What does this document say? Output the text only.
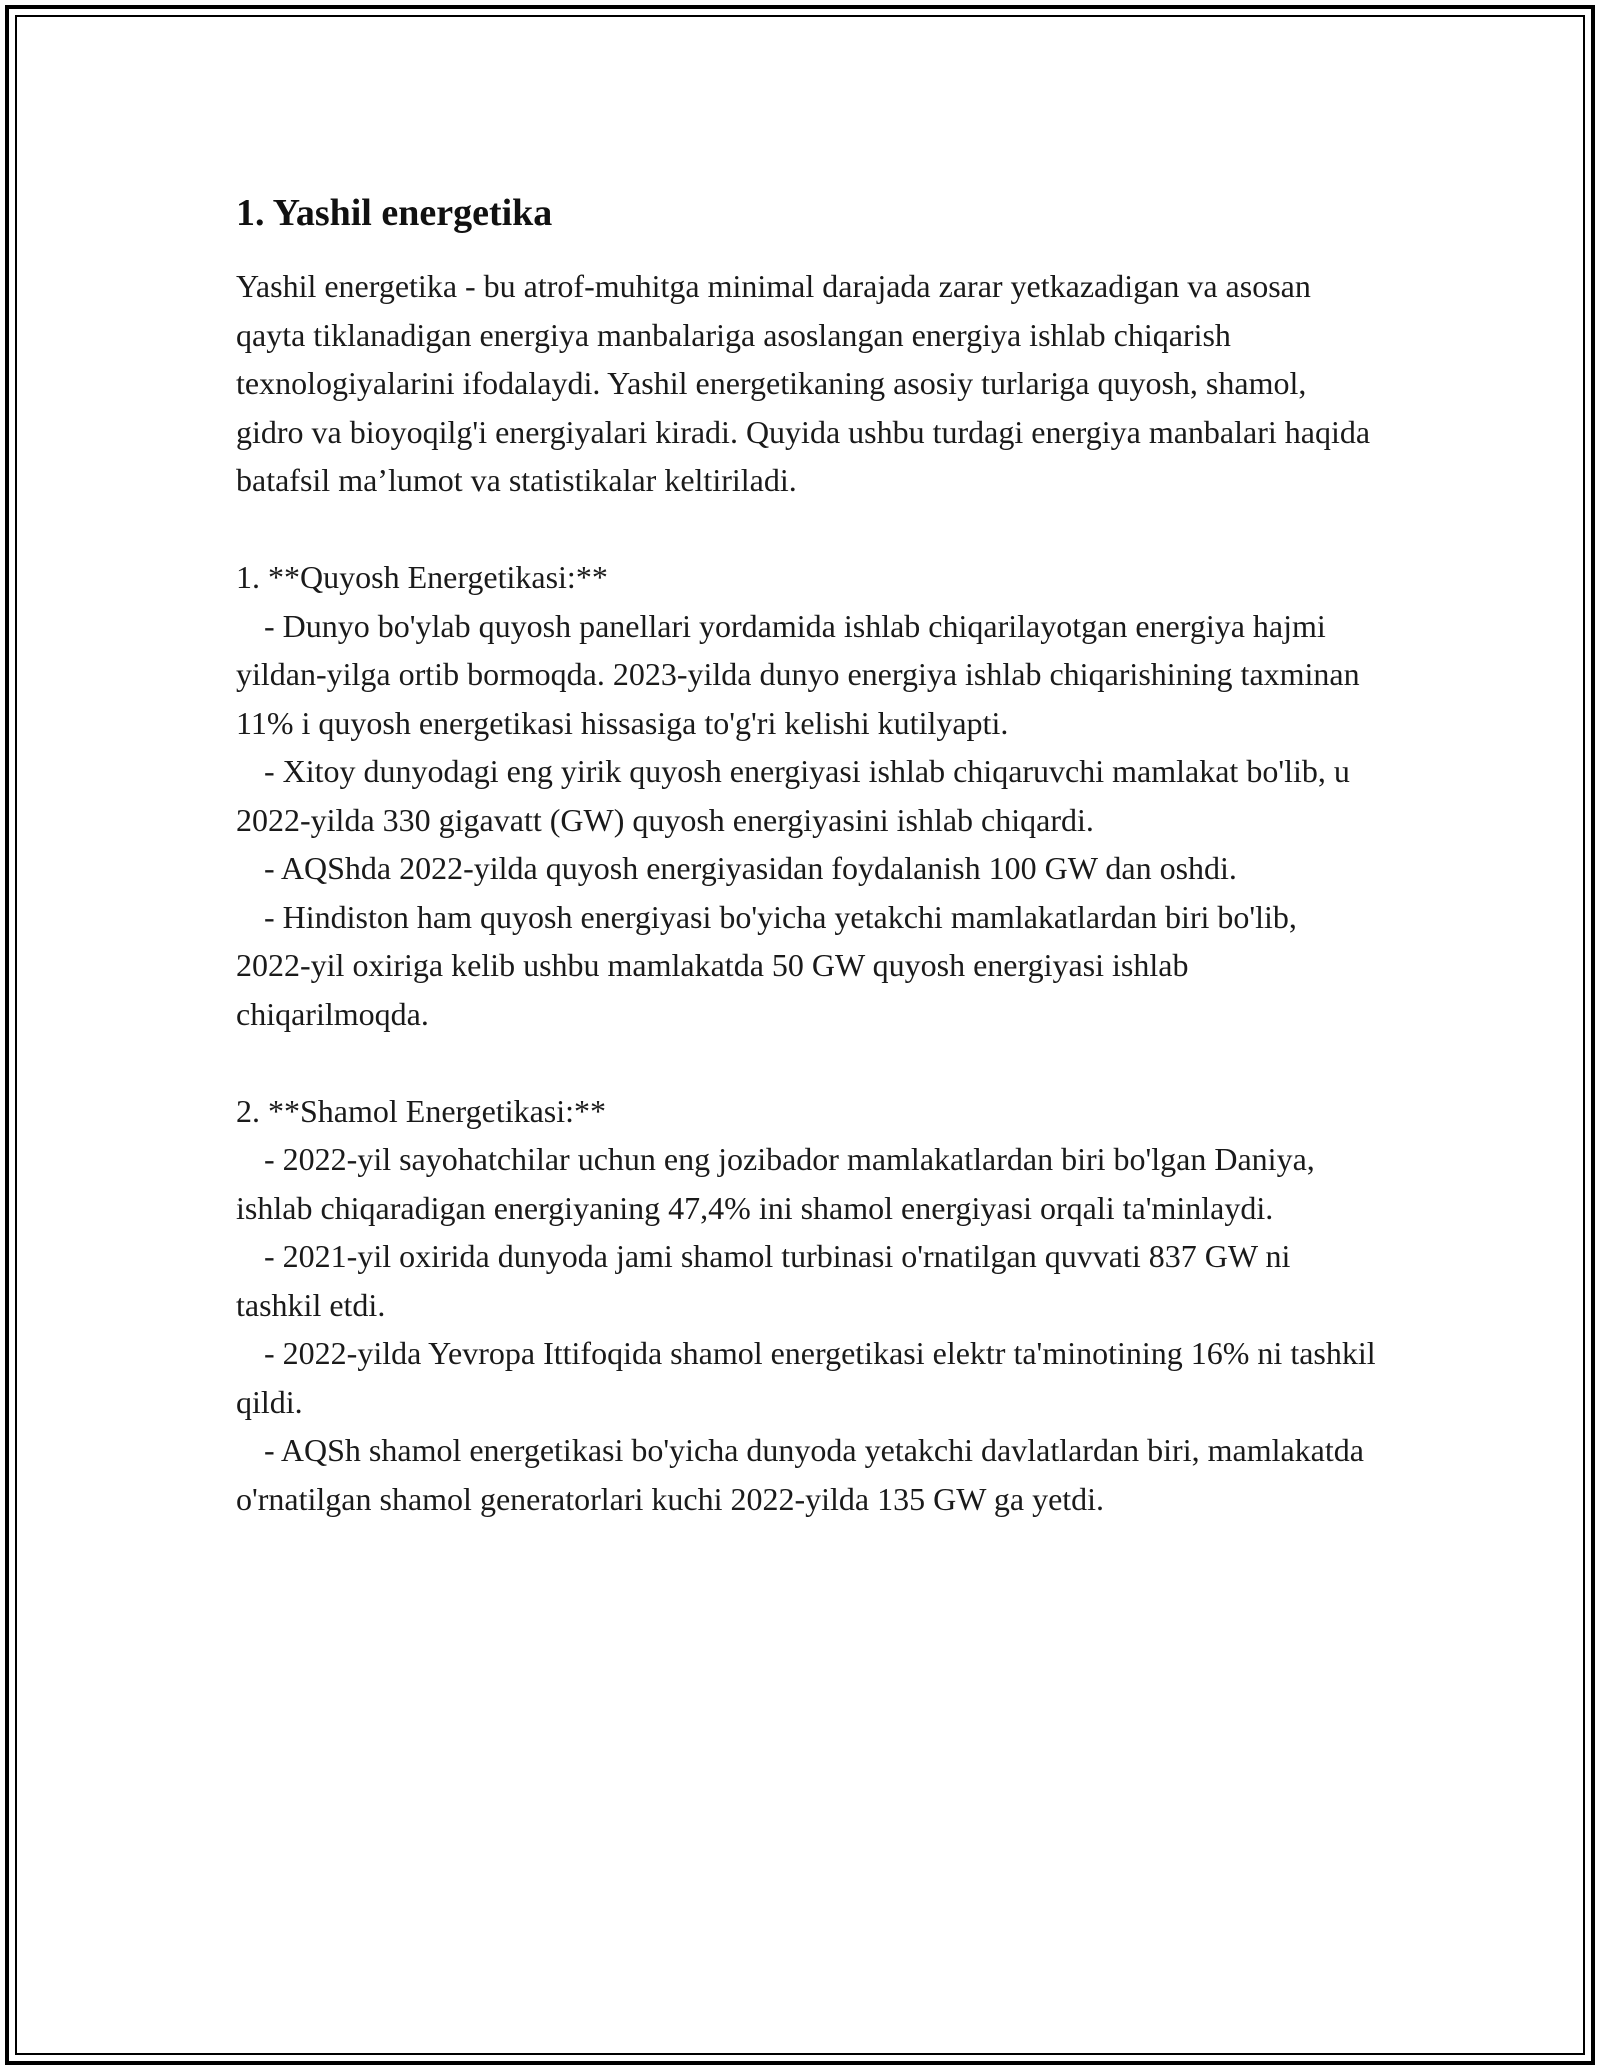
1. Yashil energetika

Yashil energetika - bu atrof-muhitga minimal darajada zarar yetkazadigan va asosan qayta tiklanadigan energiya manbalariga asoslangan energiya ishlab chiqarish texnologiyalarini ifodalaydi. Yashil energetikaning asosiy turlariga quyosh, shamol, gidro va bioyoqilg'i energiyalari kiradi. Quyida ushbu turdagi energiya manbalari haqida batafsil ma’lumot va statistikalar keltiriladi.

1. **Quyosh Energetikasi:**

- Dunyo bo'ylab quyosh panellari yordamida ishlab chiqarilayotgan energiya hajmi yildan-yilga ortib bormoqda. 2023-yilda dunyo energiya ishlab chiqarishining taxminan 11% i quyosh energetikasi hissasiga to'g'ri kelishi kutilyapti.

- Xitoy dunyodagi eng yirik quyosh energiyasi ishlab chiqaruvchi mamlakat bo'lib, u 2022-yilda 330 gigavatt (GW) quyosh energiyasini ishlab chiqardi.

- AQShda 2022-yilda quyosh energiyasidan foydalanish 100 GW dan oshdi.

- Hindiston ham quyosh energiyasi bo'yicha yetakchi mamlakatlardan biri bo'lib, 2022-yil oxiriga kelib ushbu mamlakatda 50 GW quyosh energiyasi ishlab chiqarilmoqda.

2. **Shamol Energetikasi:**

- 2022-yil sayohatchilar uchun eng jozibador mamlakatlardan biri bo'lgan Daniya, ishlab chiqaradigan energiyaning 47,4% ini shamol energiyasi orqali ta'minlaydi.

- 2021-yil oxirida dunyoda jami shamol turbinasi o'rnatilgan quvvati 837 GW ni tashkil etdi.

- 2022-yilda Yevropa Ittifoqida shamol energetikasi elektr ta'minotining 16% ni tashkil qildi.

- AQSh shamol energetikasi bo'yicha dunyoda yetakchi davlatlardan biri, mamlakatda o'rnatilgan shamol generatorlari kuchi 2022-yilda 135 GW ga yetdi.
